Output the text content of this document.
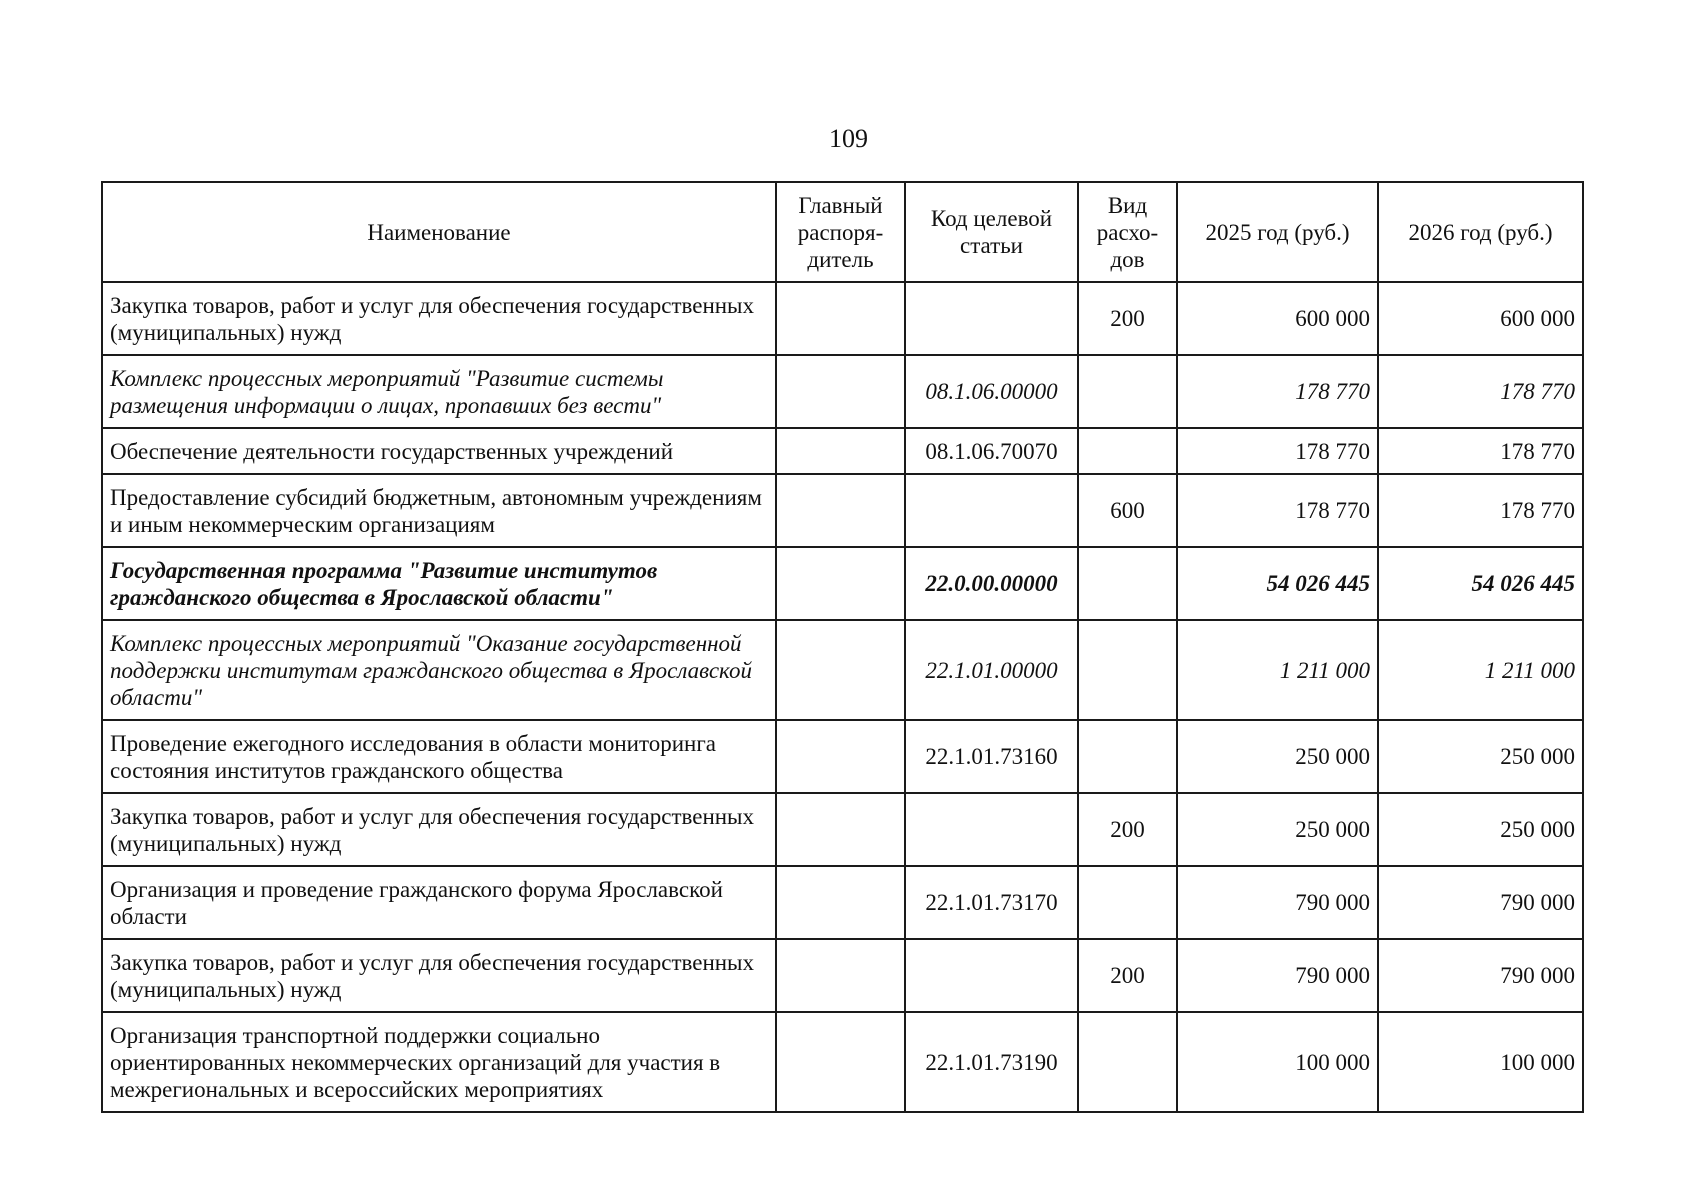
109
Наименование	Главный распоря-дитель	Код целевой статьи	Вид расхо-дов	2025 год (руб.)	2026 год (руб.)
Закупка товаров, работ и услуг для обеспечения государственных (муниципальных) нужд			200	600 000	600 000
Комплекс процессных мероприятий "Развитие системы размещения информации о лицах, пропавших без вести"		08.1.06.00000		178 770	178 770
Обеспечение деятельности государственных учреждений		08.1.06.70070		178 770	178 770
Предоставление субсидий бюджетным, автономным учреждениям и иным некоммерческим организациям			600	178 770	178 770
Государственная программа "Развитие институтов гражданского общества в Ярославской области"		22.0.00.00000		54 026 445	54 026 445
Комплекс процессных мероприятий "Оказание государственной поддержки институтам гражданского общества в Ярославской области"		22.1.01.00000		1 211 000	1 211 000
Проведение ежегодного исследования в области мониторинга состояния институтов гражданского общества		22.1.01.73160		250 000	250 000
Закупка товаров, работ и услуг для обеспечения государственных (муниципальных) нужд			200	250 000	250 000
Организация и проведение гражданского форума Ярославской области		22.1.01.73170		790 000	790 000
Закупка товаров, работ и услуг для обеспечения государственных (муниципальных) нужд			200	790 000	790 000
Организация транспортной поддержки социально ориентированных некоммерческих организаций для участия в межрегиональных и всероссийских мероприятиях		22.1.01.73190		100 000	100 000
